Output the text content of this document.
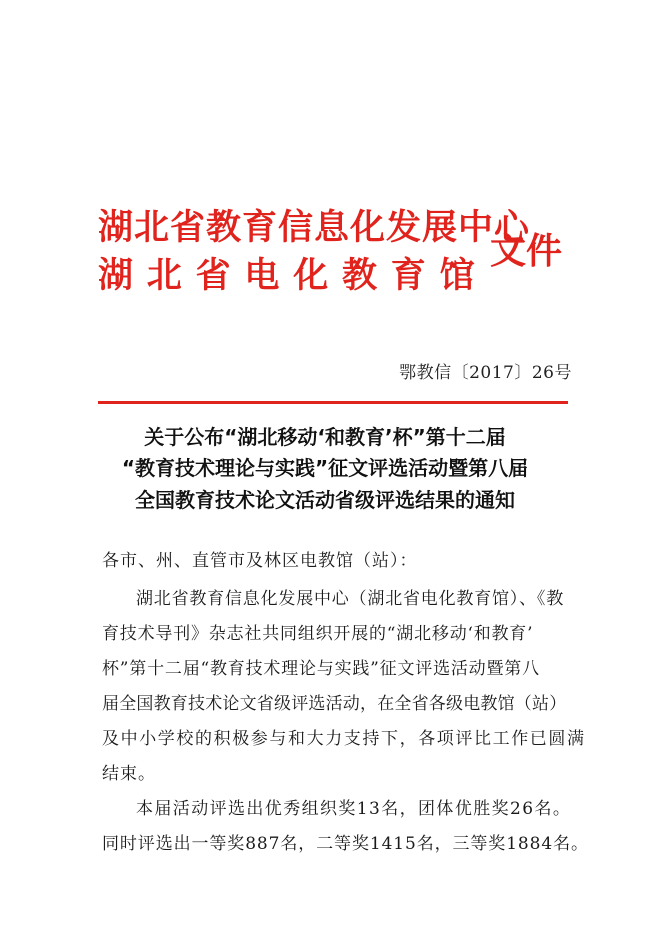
湖北省教育信息化发展中心
湖北省电化教育馆
文件
鄂教信〔2017〕26号
关于公布“湖北移动‘和教育’杯”第十二届
“教育技术理论与实践”征文评选活动暨第八届
全国教育技术论文活动省级评选结果的通知
各市、州、直管市及林区电教馆（站）：
湖北省教育信息化发展中心（湖北省电化教育馆）、《教
育技术导刊》杂志社共同组织开展的“湖北移动‘和教育’
杯”第十二届“教育技术理论与实践”征文评选活动暨第八
届全国教育技术论文省级评选活动，在全省各级电教馆（站）
及中小学校的积极参与和大力支持下，各项评比工作已圆满
结束。
本届活动评选出优秀组织奖13名，团体优胜奖26名。
同时评选出一等奖887名，二等奖1415名，三等奖1884名。
